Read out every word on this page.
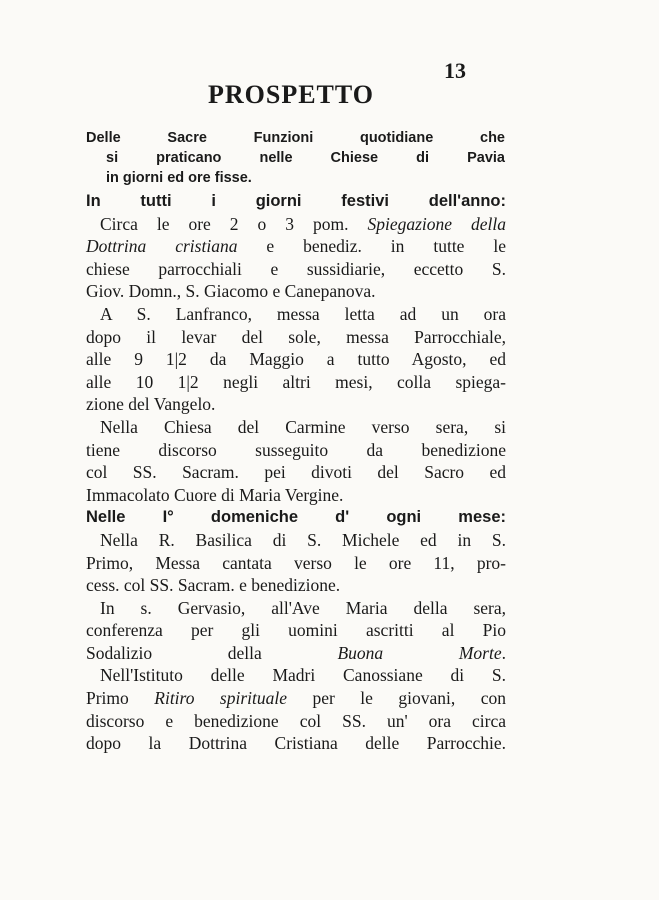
13
PROSPETTO
Delle Sacre Funzioni quotidiane che
si praticano nelle Chiese di Pavia
in giorni ed ore fisse.
In tutti i giorni festivi dell'anno:
Circa le ore 2 o 3 pom. Spiegazione della
Dottrina cristiana e benediz. in tutte le
chiese parrocchiali e sussidiarie, eccetto S.
Giov. Domn., S. Giacomo e Canepanova.
A S. Lanfranco, messa letta ad un ora
dopo il levar del sole, messa Parrocchiale,
alle 9 1|2 da Maggio a tutto Agosto, ed
alle 10 1|2 negli altri mesi, colla spiega-
zione del Vangelo.
Nella Chiesa del Carmine verso sera, si
tiene discorso susseguito da benedizione
col SS. Sacram. pei divoti del Sacro ed
Immacolato Cuore di Maria Vergine.
Nelle I° domeniche d' ogni mese:
Nella R. Basilica di S. Michele ed in S.
Primo, Messa cantata verso le ore 11, pro-
cess. col SS. Sacram. e benedizione.
In s. Gervasio, all'Ave Maria della sera,
conferenza per gli uomini ascritti al Pio
Sodalizio della Buona Morte.
Nell'Istituto delle Madri Canossiane di S.
Primo Ritiro spirituale per le giovani, con
discorso e benedizione col SS. un' ora circa
dopo la Dottrina Cristiana delle Parrocchie.
